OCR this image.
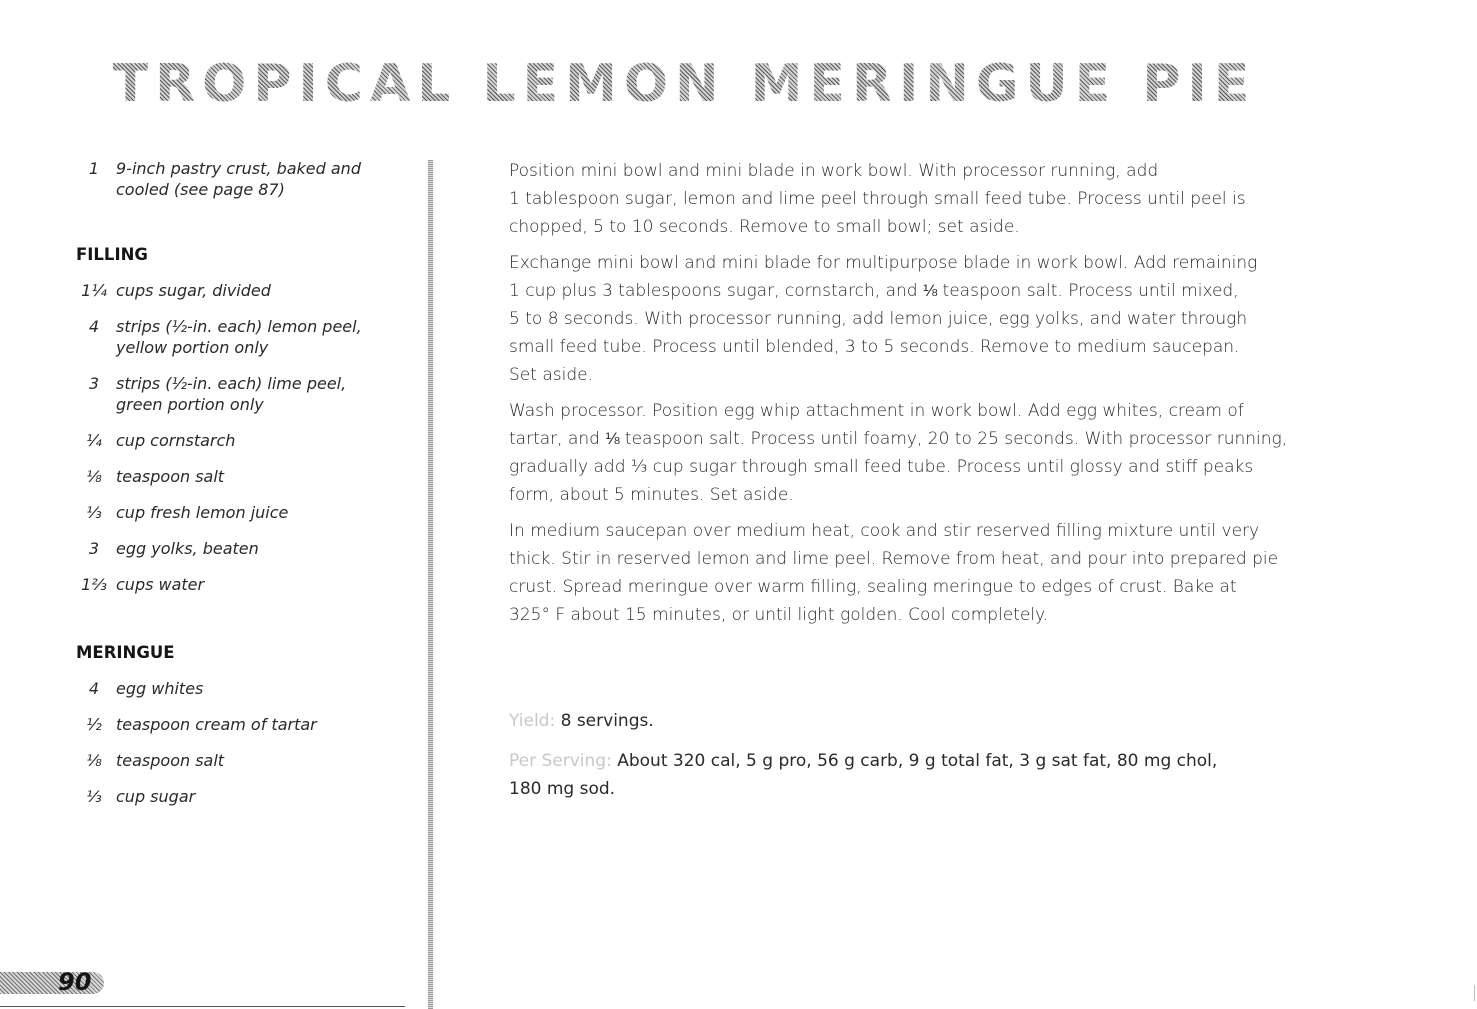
TROPICAL LEMON MERINGUE PIE
1	9-inch pastry crust, baked and
cooled (see page 87)
FILLING
1¼ cups sugar, divided
4	strips (½-in. each) lemon peel,
yellow portion only
3	strips (½-in. each) lime peel,
green portion only
¼ cup cornstarch
⅛ teaspoon salt
⅓ cup fresh lemon juice
3	egg yolks, beaten
1⅔ cups water
MERINGUE
4	egg whites
½ teaspoon cream of tartar
⅛ teaspoon salt
⅓ cup sugar
90
Position mini bowl and mini blade in work bowl. With processor running, add
1 tablespoon sugar, lemon and lime peel through small feed tube. Process until peel is
chopped, 5 to 10 seconds. Remove to small bowl; set aside.
Exchange mini bowl and mini blade for multipurpose blade in work bowl. Add remaining
1 cup plus 3 tablespoons sugar, cornstarch, and ⅛ teaspoon salt. Process until mixed,
5 to 8 seconds. With processor running, add lemon juice, egg yolks, and water through
small feed tube. Process until blended, 3 to 5 seconds. Remove to medium saucepan.
Set aside.
Wash processor. Position egg whip attachment in work bowl. Add egg whites, cream of
tartar, and ⅛ teaspoon salt. Process until foamy, 20 to 25 seconds. With processor running,
gradually add ⅓ cup sugar through small feed tube. Process until glossy and stiff peaks
form, about 5 minutes. Set aside.
In medium saucepan over medium heat, cook and stir reserved filling mixture until very
thick. Stir in reserved lemon and lime peel. Remove from heat, and pour into prepared pie
crust. Spread meringue over warm filling, sealing meringue to edges of crust. Bake at
325° F about 15 minutes, or until light golden. Cool completely.
Yield: 8 servings.
Per Serving: About 320 cal, 5 g pro, 56 g carb, 9 g total fat, 3 g sat fat, 80 mg chol,
180 mg sod.
